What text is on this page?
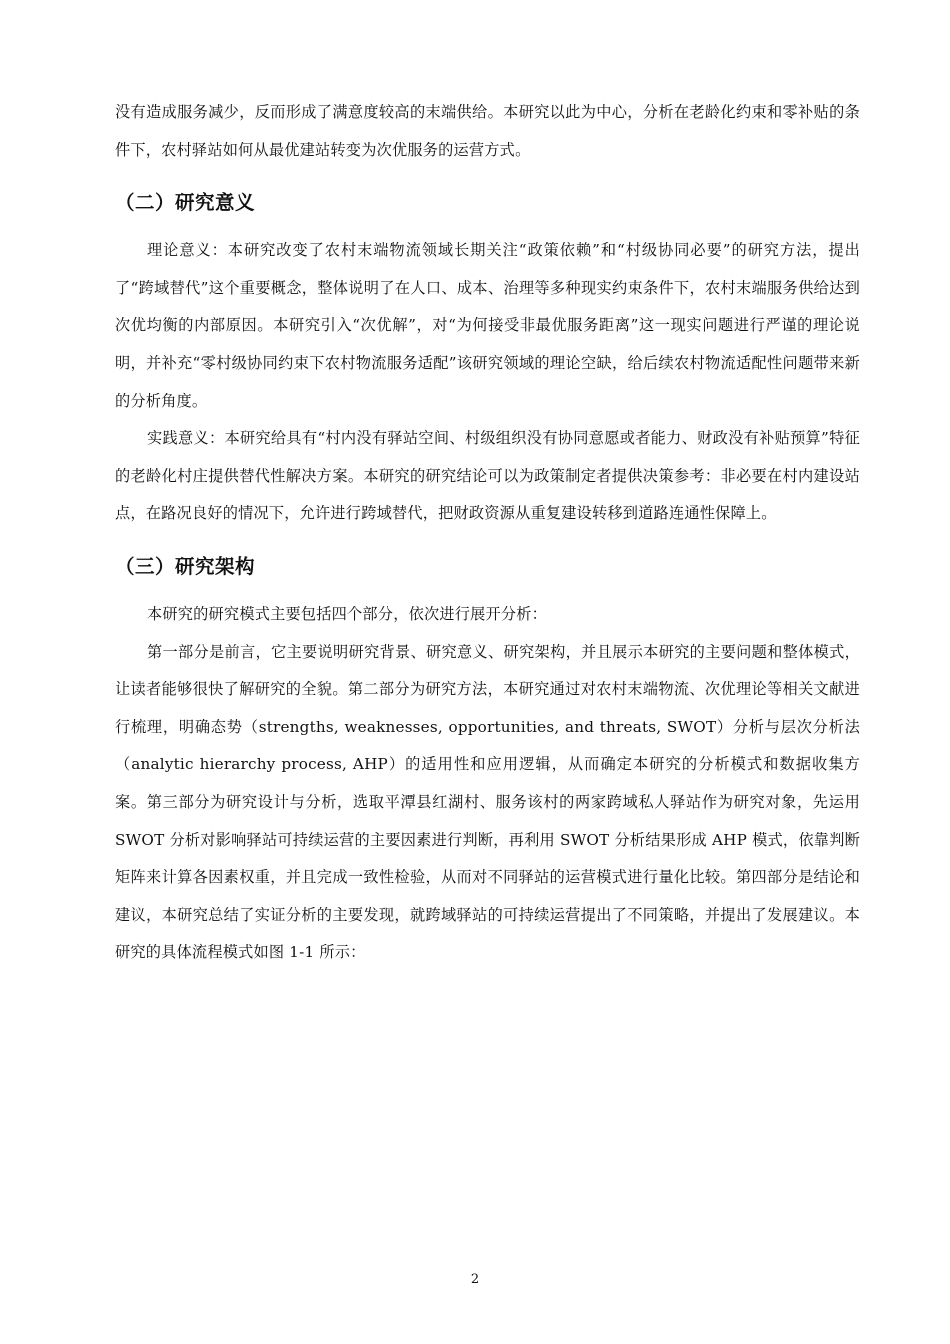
没有造成服务减少，反而形成了满意度较高的末端供给。本研究以此为中心，分析在老龄化约束和零补贴的条件下，农村驿站如何从最优建站转变为次优服务的运营方式。

（二）研究意义

理论意义：本研究改变了农村末端物流领域长期关注“政策依赖”和“村级协同必要”的研究方法，提出了“跨域替代”这个重要概念，整体说明了在人口、成本、治理等多种现实约束条件下，农村末端服务供给达到次优均衡的内部原因。本研究引入“次优解”，对“为何接受非最优服务距离”这一现实问题进行严谨的理论说明，并补充“零村级协同约束下农村物流服务适配”该研究领域的理论空缺，给后续农村物流适配性问题带来新的分析角度。

实践意义：本研究给具有“村内没有驿站空间、村级组织没有协同意愿或者能力、财政没有补贴预算”特征的老龄化村庄提供替代性解决方案。本研究的研究结论可以为政策制定者提供决策参考：非必要在村内建设站点，在路况良好的情况下，允许进行跨域替代，把财政资源从重复建设转移到道路连通性保障上。

（三）研究架构

本研究的研究模式主要包括四个部分，依次进行展开分析：

第一部分是前言，它主要说明研究背景、研究意义、研究架构，并且展示本研究的主要问题和整体模式，让读者能够很快了解研究的全貌。第二部分为研究方法，本研究通过对农村末端物流、次优理论等相关文献进行梳理，明确态势（strengths, weaknesses, opportunities, and threats, SWOT）分析与层次分析法（analytic hierarchy process, AHP）的适用性和应用逻辑，从而确定本研究的分析模式和数据收集方案。第三部分为研究设计与分析，选取平潭县红湖村、服务该村的两家跨域私人驿站作为研究对象，先运用 SWOT 分析对影响驿站可持续运营的主要因素进行判断，再利用 SWOT 分析结果形成 AHP 模式，依靠判断矩阵来计算各因素权重，并且完成一致性检验，从而对不同驿站的运营模式进行量化比较。第四部分是结论和建议，本研究总结了实证分析的主要发现，就跨域驿站的可持续运营提出了不同策略，并提出了发展建议。本研究的具体流程模式如图 1-1 所示：

2
